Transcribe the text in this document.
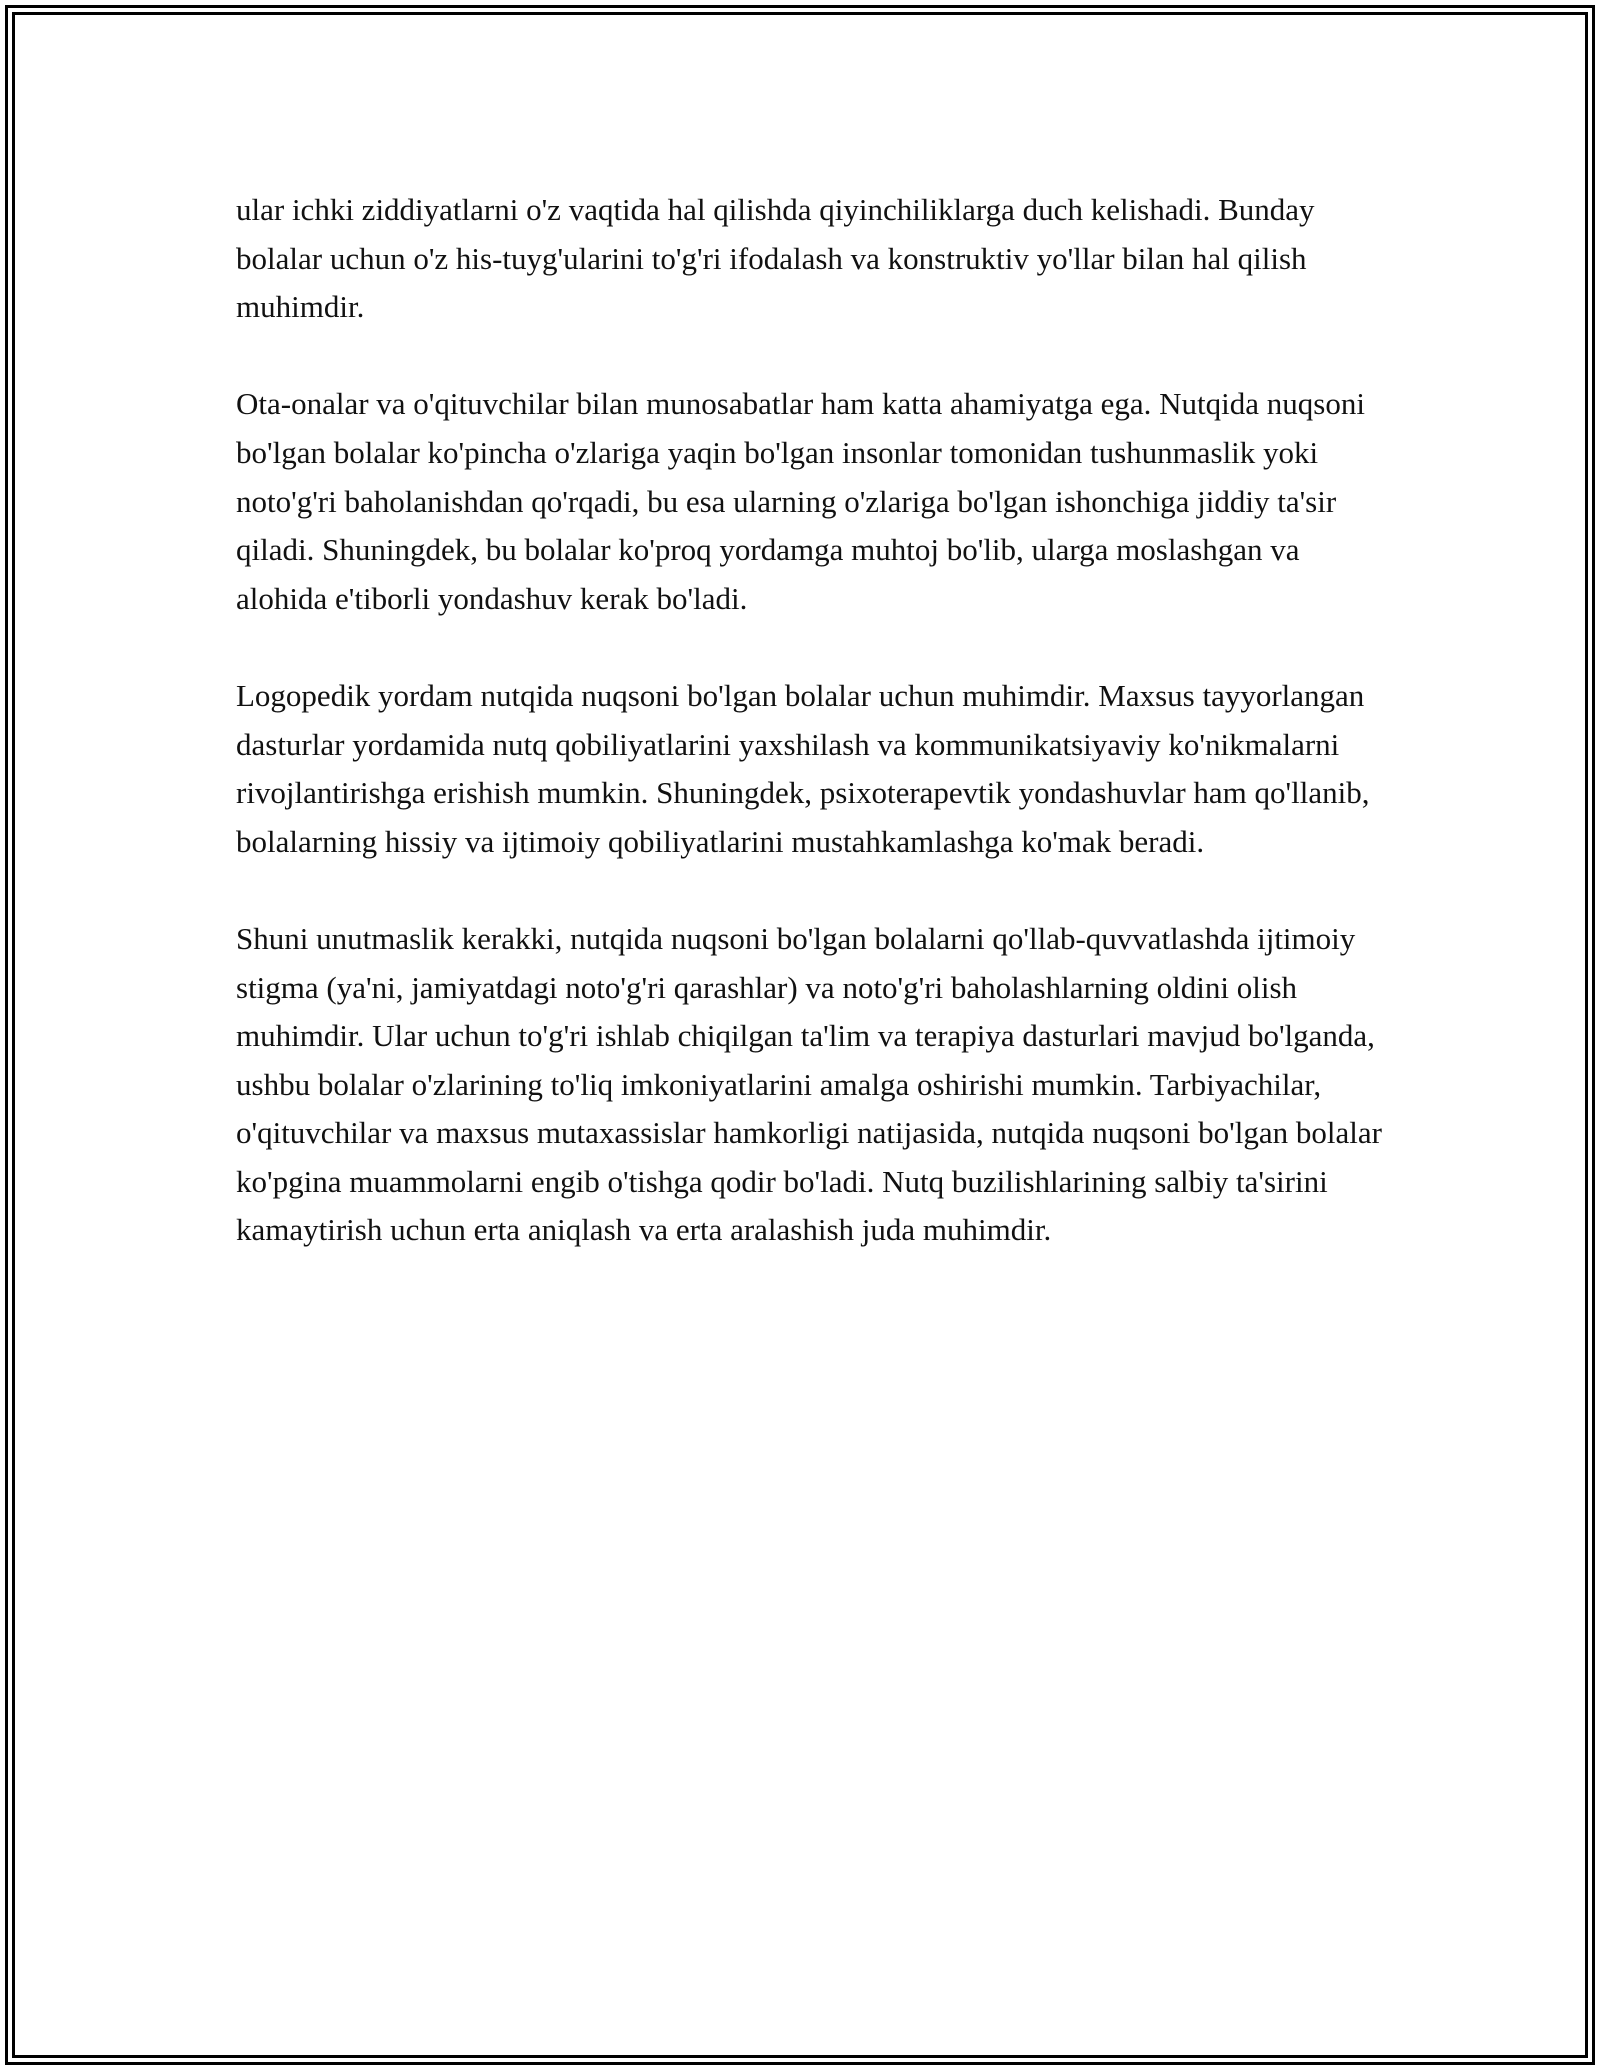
ular ichki ziddiyatlarni o'z vaqtida hal qilishda qiyinchiliklarga duch kelishadi. Bunday bolalar uchun o'z his-tuyg'ularini to'g'ri ifodalash va konstruktiv yo'llar bilan hal qilish muhimdir.

Ota-onalar va o'qituvchilar bilan munosabatlar ham katta ahamiyatga ega. Nutqida nuqsoni bo'lgan bolalar ko'pincha o'zlariga yaqin bo'lgan insonlar tomonidan tushunmaslik yoki noto'g'ri baholanishdan qo'rqadi, bu esa ularning o'zlariga bo'lgan ishonchiga jiddiy ta'sir qiladi. Shuningdek, bu bolalar ko'proq yordamga muhtoj bo'lib, ularga moslashgan va alohida e'tiborli yondashuv kerak bo'ladi.

Logopedik yordam nutqida nuqsoni bo'lgan bolalar uchun muhimdir. Maxsus tayyorlangan dasturlar yordamida nutq qobiliyatlarini yaxshilash va kommunikatsiyaviy ko'nikmalarni rivojlantirishga erishish mumkin. Shuningdek, psixoterapevtik yondashuvlar ham qo'llanib, bolalarning hissiy va ijtimoiy qobiliyatlarini mustahkamlashga ko'mak beradi.

Shuni unutmaslik kerakki, nutqida nuqsoni bo'lgan bolalarni qo'llab-quvvatlashda ijtimoiy stigma (ya'ni, jamiyatdagi noto'g'ri qarashlar) va noto'g'ri baholashlarning oldini olish muhimdir. Ular uchun to'g'ri ishlab chiqilgan ta'lim va terapiya dasturlari mavjud bo'lganda, ushbu bolalar o'zlarining to'liq imkoniyatlarini amalga oshirishi mumkin. Tarbiyachilar, o'qituvchilar va maxsus mutaxassislar hamkorligi natijasida, nutqida nuqsoni bo'lgan bolalar ko'pgina muammolarni engib o'tishga qodir bo'ladi. Nutq buzilishlarining salbiy ta'sirini kamaytirish uchun erta aniqlash va erta aralashish juda muhimdir.
